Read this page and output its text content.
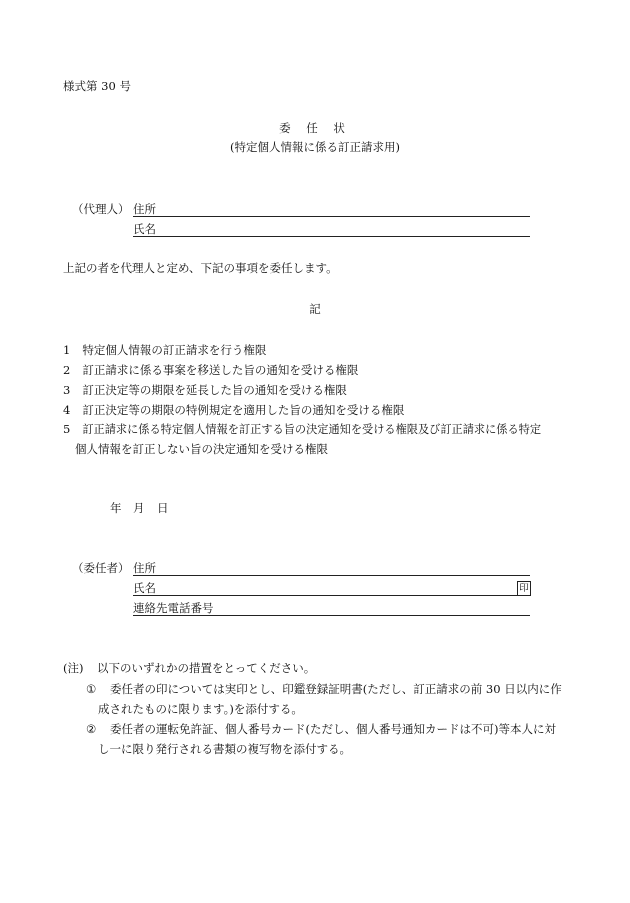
様式第 30 号
委 任 状
(特定個人情報に係る訂正請求用)
（代理人） 住所
氏名
上記の者を代理人と定め、下記の事項を委任します。
記
1 特定個人情報の訂正請求を行う権限
2 訂正請求に係る事案を移送した旨の通知を受ける権限
3 訂正決定等の期限を延長した旨の通知を受ける権限
4 訂正決定等の期限の特例規定を適用した旨の通知を受ける権限
5 訂正請求に係る特定個人情報を訂正する旨の決定通知を受ける権限及び訂正請求に係る特定
個人情報を訂正しない旨の決定通知を受ける権限
年 月 日
（委任者） 住所
氏名	印
連絡先電話番号
(注) 以下のいずれかの措置をとってください。
① 委任者の印については実印とし、印鑑登録証明書(ただし、訂正請求の前 30 日以内に作
成されたものに限ります。)を添付する。
② 委任者の運転免許証、個人番号カード(ただし、個人番号通知カードは不可)等本人に対
し一に限り発行される書類の複写物を添付する。
